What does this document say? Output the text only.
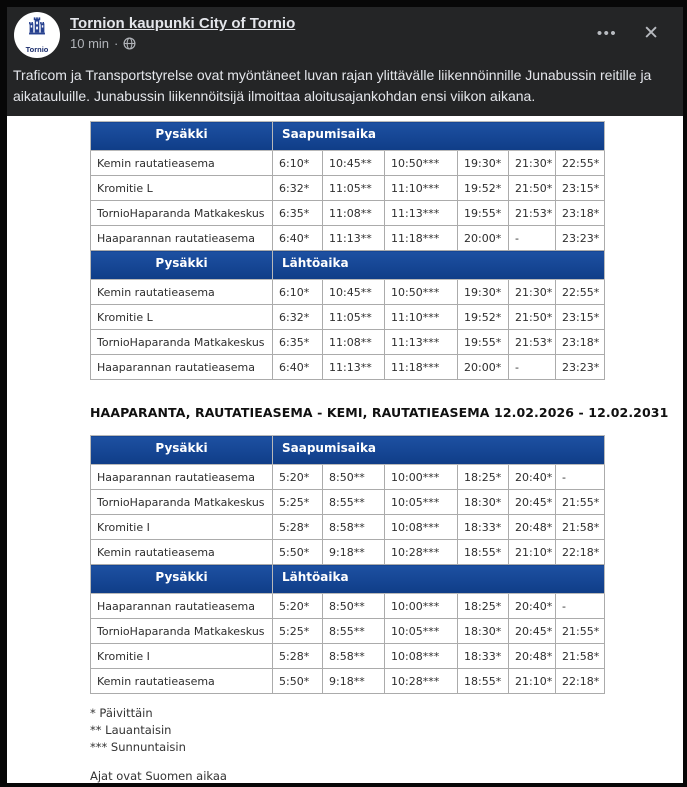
Tornio
Tornion kaupunki City of Tornio
10 min ·
••• ✕
Traficom ja Transportstyrelse ovat myöntäneet luvan rajan ylittävälle liikennöinnille Junabussin reitille ja aikatauluille. Junabussin liikennöitsijä ilmoittaa aloitusajankohdan ensi viikon aikana.
Pysäkki	Saapumisaika					
Kemin rautatieasema	6:10*	10:45**	10:50***	19:30*	21:30*	22:55*
Kromitie L	6:32*	11:05**	11:10***	19:52*	21:50*	23:15*
TornioHaparanda Matkakeskus	6:35*	11:08**	11:13***	19:55*	21:53*	23:18*
Haaparannan rautatieasema	6:40*	11:13**	11:18***	20:00*	-	23:23*
Pysäkki	Lähtöaika					
Kemin rautatieasema	6:10*	10:45**	10:50***	19:30*	21:30*	22:55*
Kromitie L	6:32*	11:05**	11:10***	19:52*	21:50*	23:15*
TornioHaparanda Matkakeskus	6:35*	11:08**	11:13***	19:55*	21:53*	23:18*
Haaparannan rautatieasema	6:40*	11:13**	11:18***	20:00*	-	23:23*
HAAPARANTA, RAUTATIEASEMA - KEMI, RAUTATIEASEMA 12.02.2026 - 12.02.2031
Pysäkki	Saapumisaika					
Haaparannan rautatieasema	5:20*	8:50**	10:00***	18:25*	20:40*	-
TornioHaparanda Matkakeskus	5:25*	8:55**	10:05***	18:30*	20:45*	21:55*
Kromitie I	5:28*	8:58**	10:08***	18:33*	20:48*	21:58*
Kemin rautatieasema	5:50*	9:18**	10:28***	18:55*	21:10*	22:18*
Pysäkki	Lähtöaika					
Haaparannan rautatieasema	5:20*	8:50**	10:00***	18:25*	20:40*	-
TornioHaparanda Matkakeskus	5:25*	8:55**	10:05***	18:30*	20:45*	21:55*
Kromitie I	5:28*	8:58**	10:08***	18:33*	20:48*	21:58*
Kemin rautatieasema	5:50*	9:18**	10:28***	18:55*	21:10*	22:18*
* Päivittäin
** Lauantaisin
*** Sunnuntaisin
Ajat ovat Suomen aikaa
